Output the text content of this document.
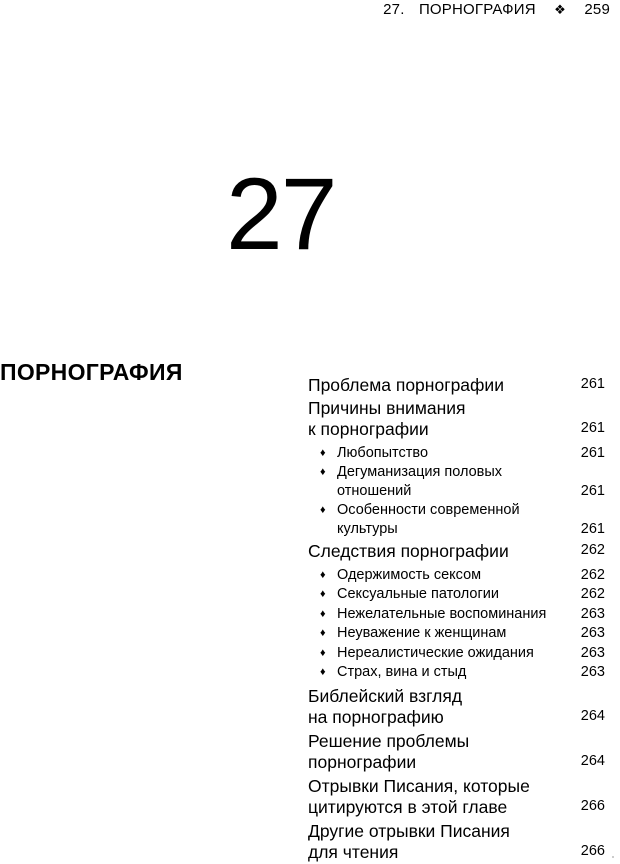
27. ПОРНОГРАФИЯ ❖ 259
27
ПОРНОГРАФИЯ	Проблема порнографии	261
Причины внимания
к порнографии	261
♦ Любопытство	261
♦ Дегуманизация половых
отношений	261
♦ Особенности современной
культуры	261
Следствия порнографии	262
♦ Одержимость сексом	262
♦ Сексуальные патологии	262
♦ Нежелательные воспоминания	263
♦ Неуважение к женщинам	263
♦ Нереалистические ожидания	263
♦ Страх, вина и стыд	263
Библейский взгляд
на порнографию	264
Решение проблемы
порнографии	264
Отрывки Писания, которые
цитируются в этой главе	266
Другие отрывки Писания
для чтения	266
